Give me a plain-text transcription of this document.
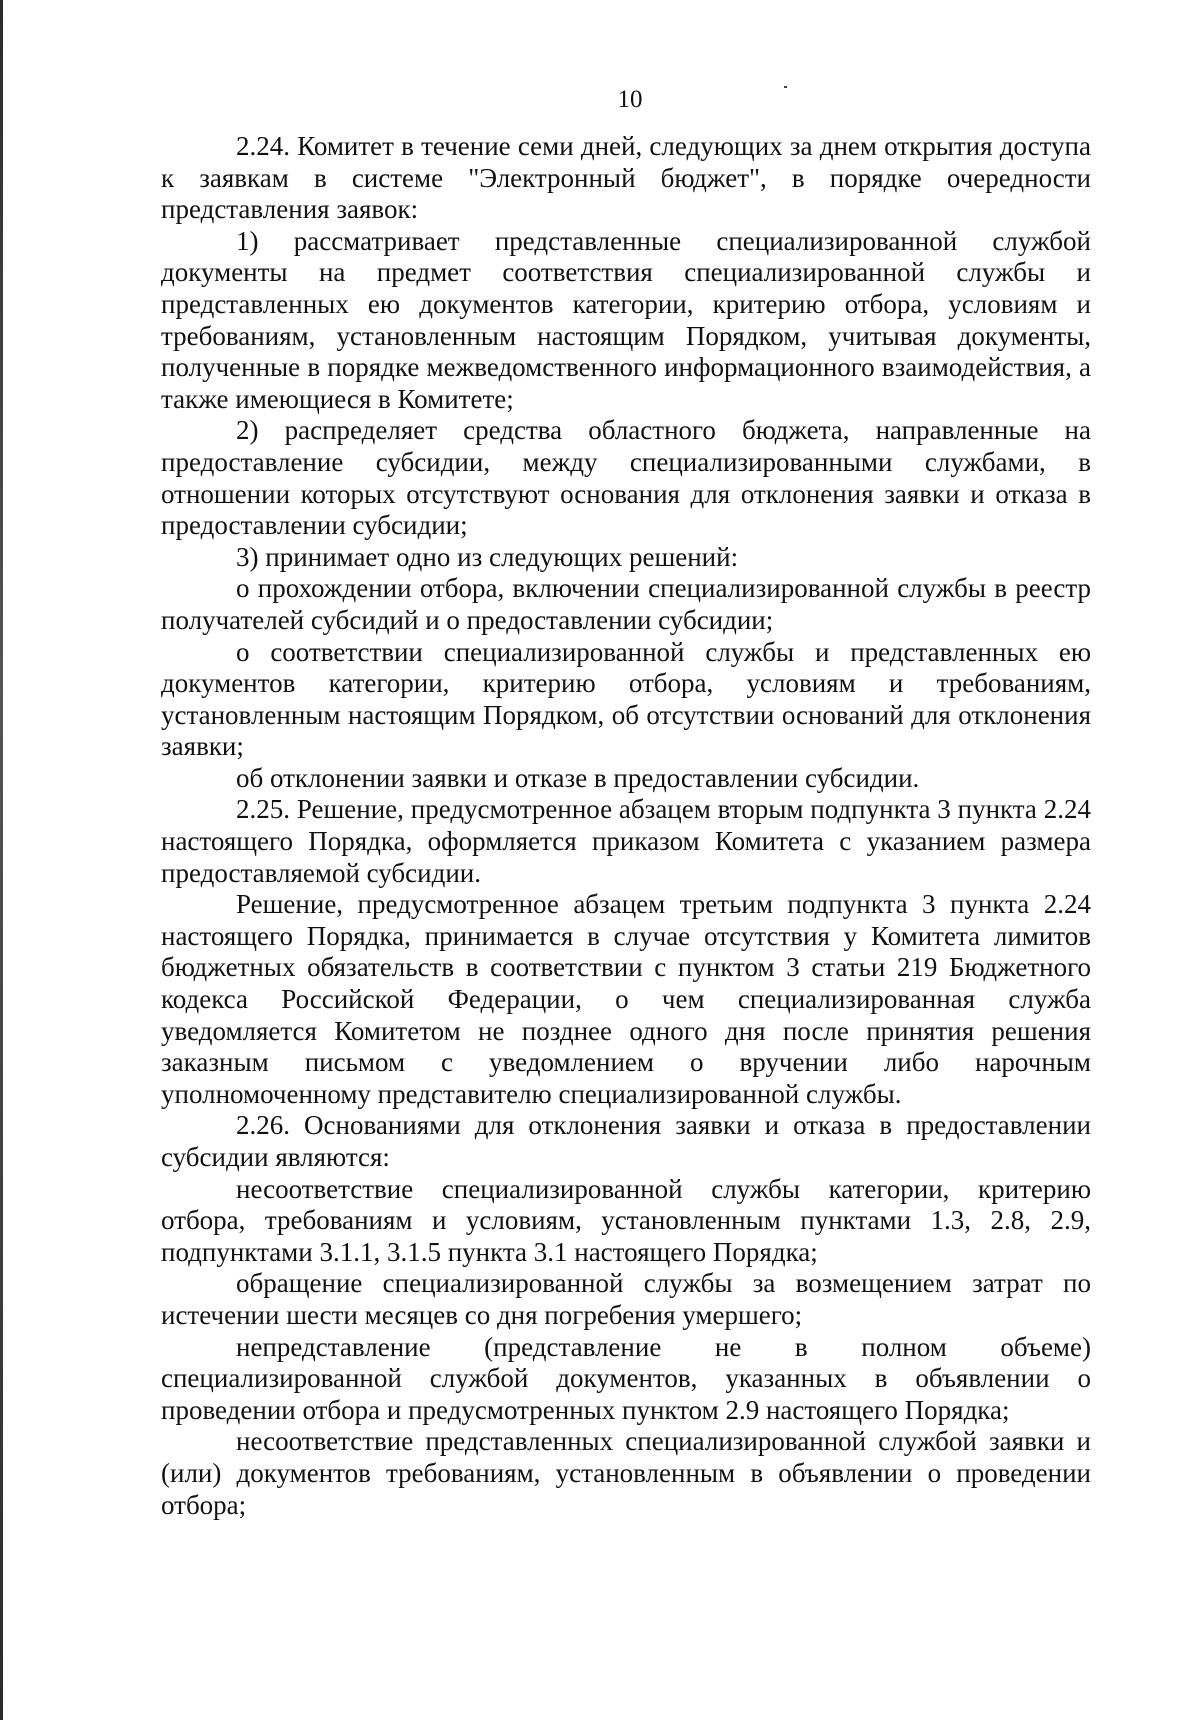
10

2.24. Комитет в течение семи дней, следующих за днем открытия доступа к заявкам в системе "Электронный бюджет", в порядке очередности представления заявок:

1) рассматривает представленные специализированной службой документы на предмет соответствия специализированной службы и представленных ею документов категории, критерию отбора, условиям и требованиям, установленным настоящим Порядком, учитывая документы, полученные в порядке межведомственного информационного взаимодействия, а также имеющиеся в Комитете;

2) распределяет средства областного бюджета, направленные на предоставление субсидии, между специализированными службами, в отношении которых отсутствуют основания для отклонения заявки и отказа в предоставлении субсидии;

3) принимает одно из следующих решений:

о прохождении отбора, включении специализированной службы в реестр получателей субсидий и о предоставлении субсидии;

о соответствии специализированной службы и представленных ею документов категории, критерию отбора, условиям и требованиям, установленным настоящим Порядком, об отсутствии оснований для отклонения заявки;

об отклонении заявки и отказе в предоставлении субсидии.

2.25. Решение, предусмотренное абзацем вторым подпункта 3 пункта 2.24 настоящего Порядка, оформляется приказом Комитета с указанием размера предоставляемой субсидии.

Решение, предусмотренное абзацем третьим подпункта 3 пункта 2.24 настоящего Порядка, принимается в случае отсутствия у Комитета лимитов бюджетных обязательств в соответствии с пунктом 3 статьи 219 Бюджетного кодекса Российской Федерации, о чем специализированная служба уведомляется Комитетом не позднее одного дня после принятия решения заказным письмом с уведомлением о вручении либо нарочным уполномоченному представителю специализированной службы.

2.26. Основаниями для отклонения заявки и отказа в предоставлении субсидии являются:

несоответствие специализированной службы категории, критерию отбора, требованиям и условиям, установленным пунктами 1.3, 2.8, 2.9, подпунктами 3.1.1, 3.1.5 пункта 3.1 настоящего Порядка;

обращение специализированной службы за возмещением затрат по истечении шести месяцев со дня погребения умершего;

непредставление (представление не в полном объеме) специализированной службой документов, указанных в объявлении о проведении отбора и предусмотренных пунктом 2.9 настоящего Порядка;

несоответствие представленных специализированной службой заявки и (или) документов требованиям, установленным в объявлении о проведении отбора;
